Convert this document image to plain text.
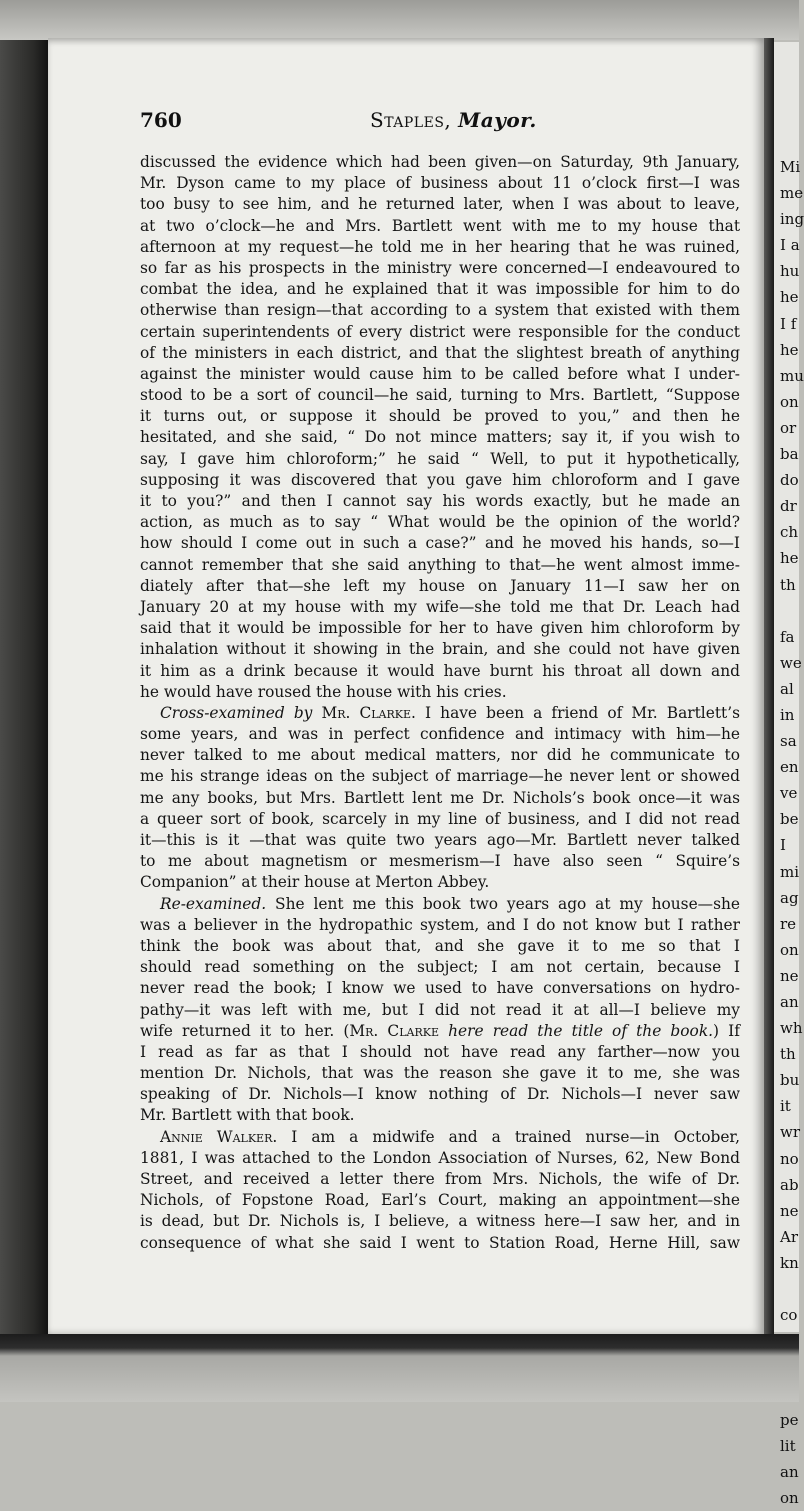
Mi
me
ing
I a
hu
he
I f
he
mu
on
or
ba
do
dr
ch
he
th

fa
we
al
in
sa
en
ve
be
I
mi
ag
re
on
ne
an
wh
th
bu
it
wr
no
ab
ne
Ar
kn

co

pe
lit
an
on
760	Staples, Mayor.
discussed the evidence which had been given—on Saturday, 9th January,
Mr. Dyson came to my place of business about 11 o’clock first—I was
too busy to see him, and he returned later, when I was about to leave,
at two o’clock—he and Mrs. Bartlett went with me to my house that
afternoon at my request—he told me in her hearing that he was ruined,
so far as his prospects in the ministry were concerned—I endeavoured to
combat the idea, and he explained that it was impossible for him to do
otherwise than resign—that according to a system that existed with them
certain superintendents of every district were responsible for the conduct
of the ministers in each district, and that the slightest breath of anything
against the minister would cause him to be called before what I under-
stood to be a sort of council—he said, turning to Mrs. Bartlett, “Suppose
it turns out, or suppose it should be proved to you,” and then he
hesitated, and she said, “ Do not mince matters; say it, if you wish to
say, I gave him chloroform;” he said “ Well, to put it hypothetically,
supposing it was discovered that you gave him chloroform and I gave
it to you?” and then I cannot say his words exactly, but he made an
action, as much as to say “ What would be the opinion of the world?
how should I come out in such a case?” and he moved his hands, so—I
cannot remember that she said anything to that—he went almost imme-
diately after that—she left my house on January 11—I saw her on
January 20 at my house with my wife—she told me that Dr. Leach had
said that it would be impossible for her to have given him chloroform by
inhalation without it showing in the brain, and she could not have given
it him as a drink because it would have burnt his throat all down and
he would have roused the house with his cries.
Cross-examined by Mr. Clarke. I have been a friend of Mr. Bartlett’s
some years, and was in perfect confidence and intimacy with him—he
never talked to me about medical matters, nor did he communicate to
me his strange ideas on the subject of marriage—he never lent or showed
me any books, but Mrs. Bartlett lent me Dr. Nichols’s book once—it was
a queer sort of book, scarcely in my line of business, and I did not read
it—this is it —that was quite two years ago—Mr. Bartlett never talked
to me about magnetism or mesmerism—I have also seen “ Squire’s
Companion” at their house at Merton Abbey.
Re-examined. She lent me this book two years ago at my house—she
was a believer in the hydropathic system, and I do not know but I rather
think the book was about that, and she gave it to me so that I
should read something on the subject; I am not certain, because I
never read the book; I know we used to have conversations on hydro-
pathy—it was left with me, but I did not read it at all—I believe my
wife returned it to her. (Mr. Clarke here read the title of the book.) If
I read as far as that I should not have read any farther—now you
mention Dr. Nichols, that was the reason she gave it to me, she was
speaking of Dr. Nichols—I know nothing of Dr. Nichols—I never saw
Mr. Bartlett with that book.
Annie Walker. I am a midwife and a trained nurse—in October,
1881, I was attached to the London Association of Nurses, 62, New Bond
Street, and received a letter there from Mrs. Nichols, the wife of Dr.
Nichols, of Fopstone Road, Earl’s Court, making an appointment—she
is dead, but Dr. Nichols is, I believe, a witness here—I saw her, and in
consequence of what she said I went to Station Road, Herne Hill, saw
